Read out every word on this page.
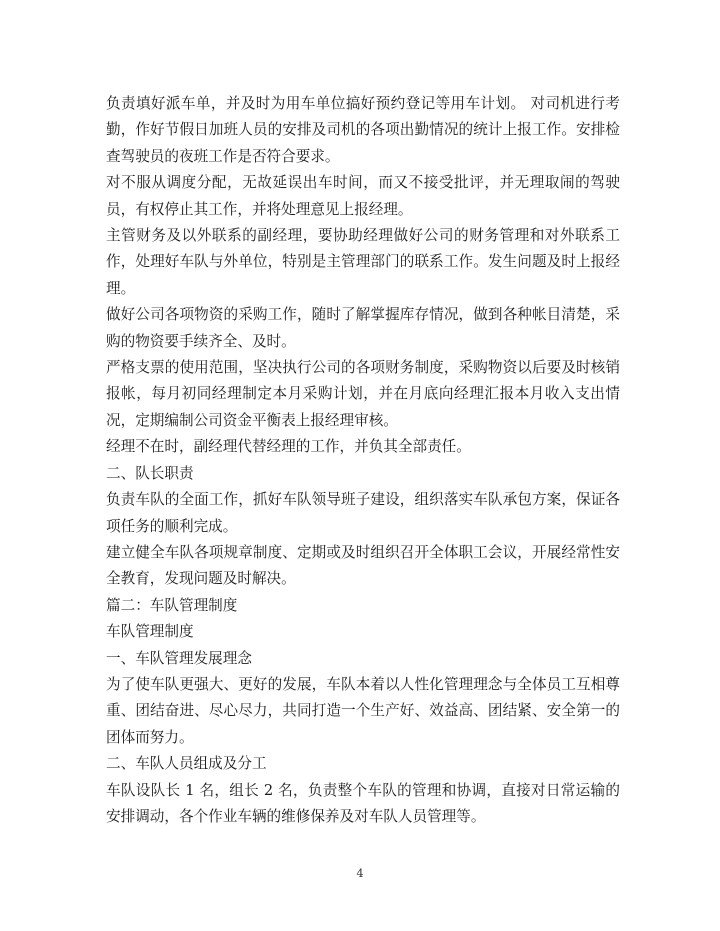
负责填好派车单，并及时为用车单位搞好预约登记等用车计划。 对司机进行考勤，作好节假日加班人员的安排及司机的各项出勤情况的统计上报工作。安排检查驾驶员的夜班工作是否符合要求。

对不服从调度分配，无故延误出车时间，而又不接受批评，并无理取闹的驾驶员，有权停止其工作，并将处理意见上报经理。

主管财务及以外联系的副经理，要协助经理做好公司的财务管理和对外联系工作，处理好车队与外单位，特别是主管理部门的联系工作。发生问题及时上报经理。

做好公司各项物资的采购工作，随时了解掌握库存情况，做到各种帐目清楚，采购的物资要手续齐全、及时。

严格支票的使用范围，坚决执行公司的各项财务制度，采购物资以后要及时核销报帐，每月初同经理制定本月采购计划，并在月底向经理汇报本月收入支出情况，定期编制公司资金平衡表上报经理审核。

经理不在时，副经理代替经理的工作，并负其全部责任。

二、队长职责

负责车队的全面工作，抓好车队领导班子建设，组织落实车队承包方案，保证各项任务的顺利完成。

建立健全车队各项规章制度、定期或及时组织召开全体职工会议，开展经常性安全教育，发现问题及时解决。

篇二：车队管理制度

车队管理制度

一、车队管理发展理念

为了使车队更强大、更好的发展，车队本着以人性化管理理念与全体员工互相尊重、团结奋进、尽心尽力，共同打造一个生产好、效益高、团结紧、安全第一的团体而努力。

二、车队人员组成及分工

车队设队长 1 名，组长 2 名，负责整个车队的管理和协调，直接对日常运输的安排调动，各个作业车辆的维修保养及对车队人员管理等。

4
